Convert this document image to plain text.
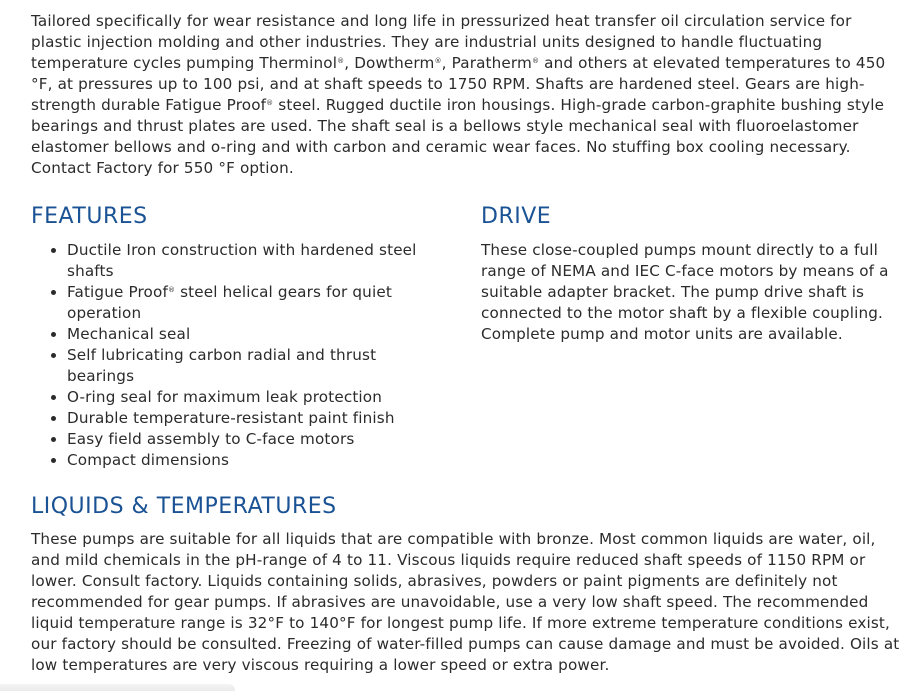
Tailored specifically for wear resistance and long life in pressurized heat transfer oil circulation service for plastic injection molding and other industries. They are industrial units designed to handle fluctuating temperature cycles pumping Therminol®, Dowtherm®, Paratherm® and others at elevated temperatures to 450 °F, at pressures up to 100 psi, and at shaft speeds to 1750 RPM. Shafts are hardened steel. Gears are high-strength durable Fatigue Proof® steel. Rugged ductile iron housings. High-grade carbon-graphite bushing style bearings and thrust plates are used. The shaft seal is a bellows style mechanical seal with fluoroelastomer elastomer bellows and o-ring and with carbon and ceramic wear faces. No stuffing box cooling necessary. Contact Factory for 550 °F option.

FEATURES
• Ductile Iron construction with hardened steel shafts
• Fatigue Proof® steel helical gears for quiet operation
• Mechanical seal
• Self lubricating carbon radial and thrust bearings
• O-ring seal for maximum leak protection
• Durable temperature-resistant paint finish
• Easy field assembly to C-face motors
• Compact dimensions
DRIVE

These close-coupled pumps mount directly to a full range of NEMA and IEC C-face motors by means of a suitable adapter bracket. The pump drive shaft is connected to the motor shaft by a flexible coupling. Complete pump and motor units are available.

LIQUIDS & TEMPERATURES

These pumps are suitable for all liquids that are compatible with bronze. Most common liquids are water, oil, and mild chemicals in the pH-range of 4 to 11. Viscous liquids require reduced shaft speeds of 1150 RPM or lower. Consult factory. Liquids containing solids, abrasives, powders or paint pigments are definitely not recommended for gear pumps. If abrasives are unavoidable, use a very low shaft speed. The recommended liquid temperature range is 32°F to 140°F for longest pump life. If more extreme temperature conditions exist, our factory should be consulted. Freezing of water-filled pumps can cause damage and must be avoided. Oils at low temperatures are very viscous requiring a lower speed or extra power.
